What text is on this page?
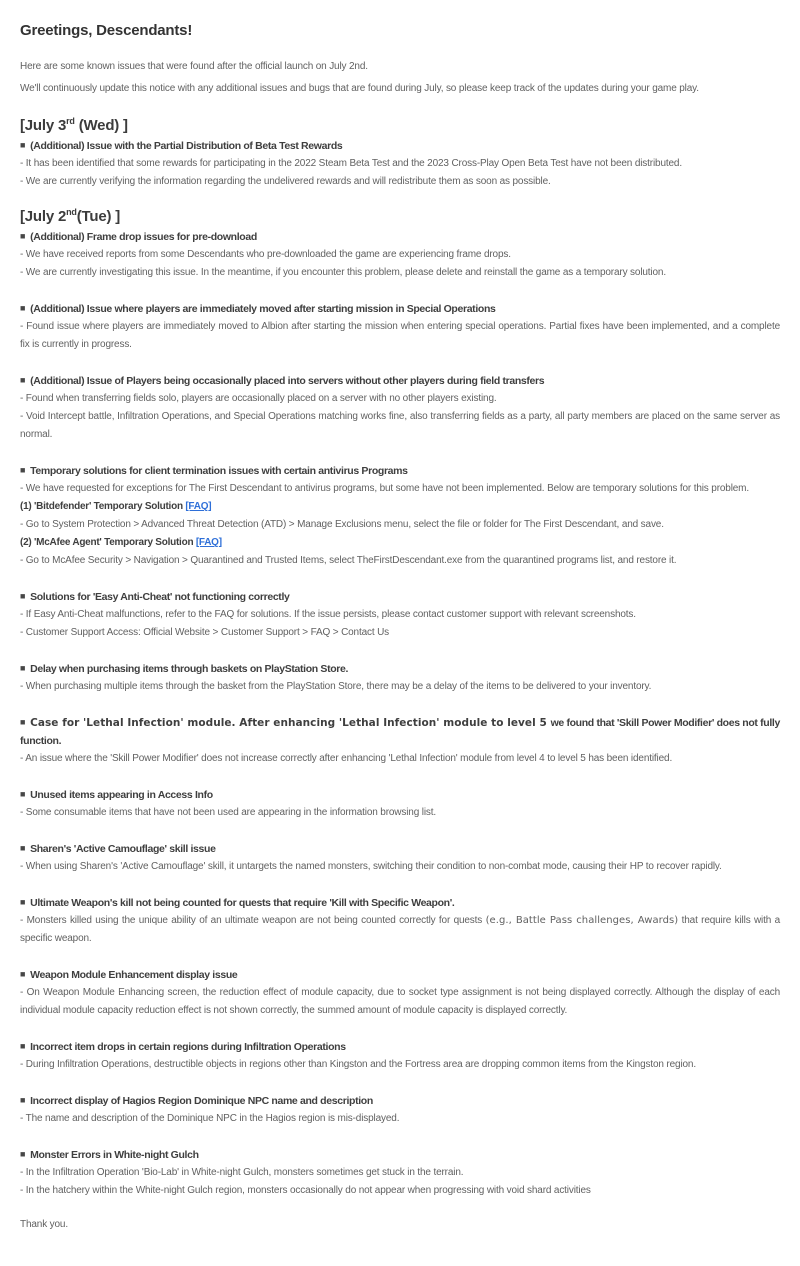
Greetings, Descendants!

Here are some known issues that were found after the official launch on July 2nd.

We'll continuously update this notice with any additional issues and bugs that are found during July, so please keep track of the updates during your game play.

[July 3rd (Wed) ]
■ (Additional) Issue with the Partial Distribution of Beta Test Rewards

- It has been identified that some rewards for participating in the 2022 Steam Beta Test and the 2023 Cross-Play Open Beta Test have not been distributed.

- We are currently verifying the information regarding the undelivered rewards and will redistribute them as soon as possible.

[July 2nd(Tue) ]
■ (Additional) Frame drop issues for pre-download

- We have received reports from some Descendants who pre-downloaded the game are experiencing frame drops.

- We are currently investigating this issue. In the meantime, if you encounter this problem, please delete and reinstall the game as a temporary solution.

■ (Additional) Issue where players are immediately moved after starting mission in Special Operations

- Found issue where players are immediately moved to Albion after starting the mission when entering special operations. Partial fixes have been implemented, and a complete fix is currently in progress.

■ (Additional) Issue of Players being occasionally placed into servers without other players during field transfers

- Found when transferring fields solo, players are occasionally placed on a server with no other players existing.

- Void Intercept battle, Infiltration Operations, and Special Operations matching works fine, also transferring fields as a party, all party members are placed on the same server as normal.

■ Temporary solutions for client termination issues with certain antivirus Programs

- We have requested for exceptions for The First Descendant to antivirus programs, but some have not been implemented. Below are temporary solutions for this problem.

(1) 'Bitdefender' Temporary Solution [FAQ]

- Go to System Protection > Advanced Threat Detection (ATD) > Manage Exclusions menu, select the file or folder for The First Descendant, and save.

(2) 'McAfee Agent' Temporary Solution [FAQ]

- Go to McAfee Security > Navigation > Quarantined and Trusted Items, select TheFirstDescendant.exe from the quarantined programs list, and restore it.

■ Solutions for 'Easy Anti-Cheat' not functioning correctly

- If Easy Anti-Cheat malfunctions, refer to the FAQ for solutions. If the issue persists, please contact customer support with relevant screenshots.

- Customer Support Access: Official Website > Customer Support > FAQ > Contact Us

■ Delay when purchasing items through baskets on PlayStation Store.

- When purchasing multiple items through the basket from the PlayStation Store, there may be a delay of the items to be delivered to your inventory.

■ Case for 'Lethal Infection' module. After enhancing 'Lethal Infection' module to level 5 we found that 'Skill Power Modifier' does not fully function.

- An issue where the 'Skill Power Modifier' does not increase correctly after enhancing 'Lethal Infection' module from level 4 to level 5 has been identified.

■ Unused items appearing in Access Info

- Some consumable items that have not been used are appearing in the information browsing list.

■ Sharen's 'Active Camouflage' skill issue

- When using Sharen's 'Active Camouflage' skill, it untargets the named monsters, switching their condition to non-combat mode, causing their HP to recover rapidly.

■ Ultimate Weapon's kill not being counted for quests that require 'Kill with Specific Weapon'.

- Monsters killed using the unique ability of an ultimate weapon are not being counted correctly for quests (e.g., Battle Pass challenges, Awards) that require kills with a specific weapon.

■ Weapon Module Enhancement display issue

- On Weapon Module Enhancing screen, the reduction effect of module capacity, due to socket type assignment is not being displayed correctly. Although the display of each individual module capacity reduction effect is not shown correctly, the summed amount of module capacity is displayed correctly.

■ Incorrect item drops in certain regions during Infiltration Operations

- During Infiltration Operations, destructible objects in regions other than Kingston and the Fortress area are dropping common items from the Kingston region.

■ Incorrect display of Hagios Region Dominique NPC name and description

- The name and description of the Dominique NPC in the Hagios region is mis-displayed.

■ Monster Errors in White-night Gulch

- In the Infiltration Operation 'Bio-Lab' in White-night Gulch, monsters sometimes get stuck in the terrain.

- In the hatchery within the White-night Gulch region, monsters occasionally do not appear when progressing with void shard activities

Thank you.
